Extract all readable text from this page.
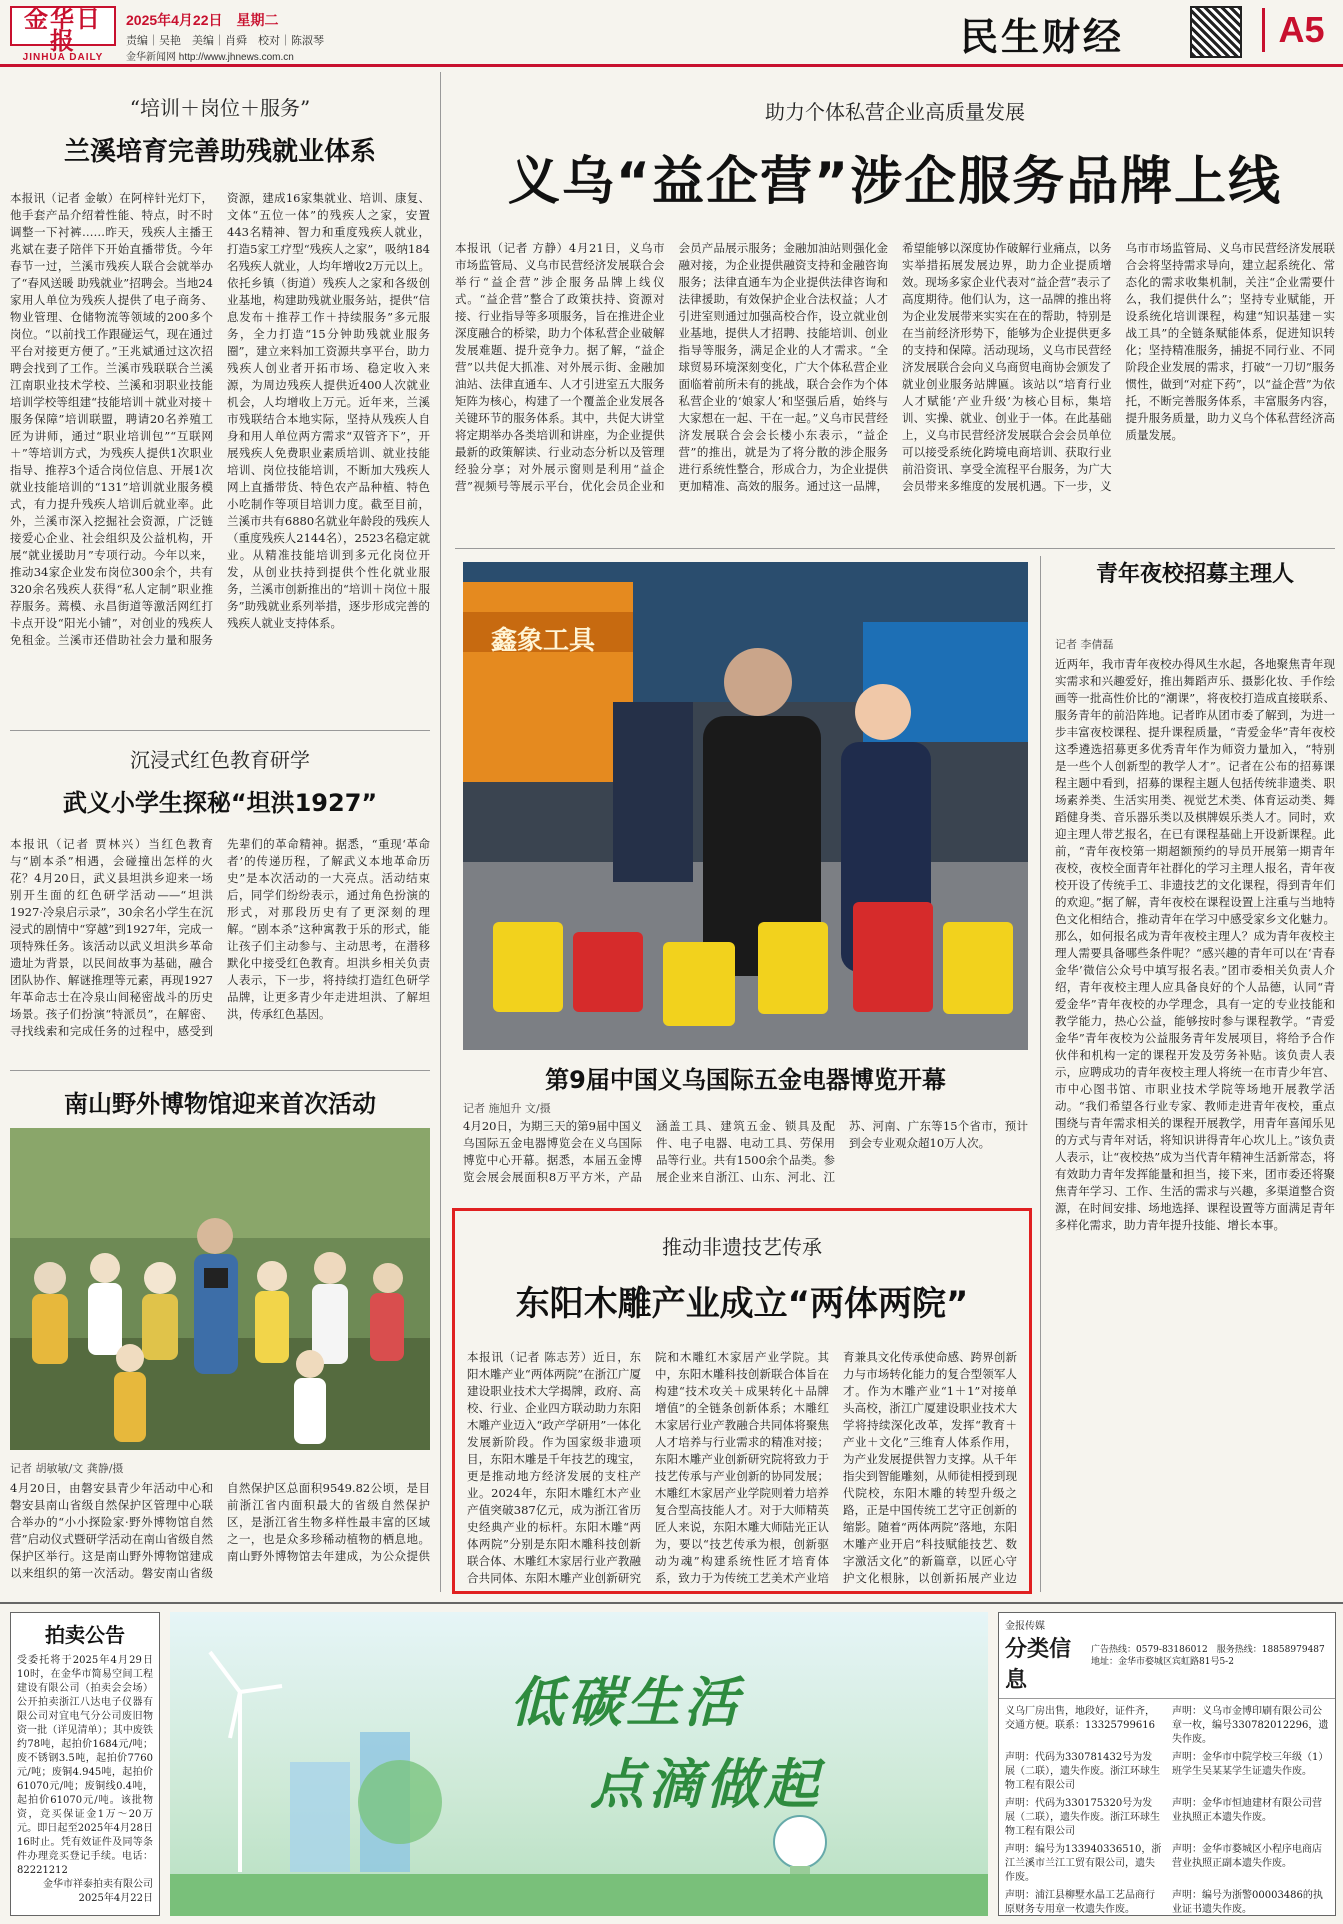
金华日报
JINHUA DAILY
2025年4月22日　星期二
责编｜吴艳　美编｜肖舜　校对｜陈淑琴
金华新闻网 http://www.jhnews.com.cn	民生财经	A5
“培训＋岗位＋服务”
兰溪培育完善助残就业体系
本报讯（记者 金敏）在阿梓针光灯下，他手套产品介绍着性能、特点，时不时调整一下衬裤……昨天，残疾人主播王兆斌在妻子陪伴下开始直播带货。今年春节一过，兰溪市残疾人联合会就举办了“春风送暖 助残就业”招聘会。当地24家用人单位为残疾人提供了电子商务、物业管理、仓储物流等领域的200多个岗位。“以前找工作跟碰运气，现在通过平台对接更方便了。”王兆斌通过这次招聘会找到了工作。兰溪市残联联合兰溪江南职业技术学校、兰溪和羽职业技能培训学校等组建“技能培训＋就业对接＋服务保障”培训联盟，聘请20名养殖工匠为讲师，通过“职业培训包”“互联网＋”等培训方式，为残疾人提供1次职业指导、推荐3个适合岗位信息、开展1次就业技能培训的“131”培训就业服务模式，有力提升残疾人培训后就业率。此外，兰溪市深入挖掘社会资源，广泛链接爱心企业、社会组织及公益机构，开展“就业援助月”专项行动。今年以来，推动34家企业发布岗位300余个，共有320余名残疾人获得“私人定制”职业推荐服务。蔫模、永昌街道等激活网红打卡点开设“阳光小铺”，对创业的残疾人免租金。兰溪市还借助社会力量和服务资源，建成16家集就业、培训、康复、文体“五位一体”的残疾人之家，安置443名精神、智力和重度残疾人就业，打造5家工疗型“残疾人之家”，吸纳184名残疾人就业，人均年增收2万元以上。依托乡镇（街道）残疾人之家和各级创业基地，构建助残就业服务站，提供“信息发布＋推荐工作＋持续服务”多元服务，全力打造“15分钟助残就业服务圈”，建立来料加工资源共享平台，助力残疾人创业者开拓市场、稳定收入来源，为周边残疾人提供近400人次就业机会，人均增收上万元。近年来，兰溪市残联结合本地实际，坚持从残疾人自身和用人单位两方需求“双管齐下”，开展残疾人免费职业素质培训、就业技能培训、岗位技能培训，不断加大残疾人网上直播带货、特色农产品种植、特色小吃制作等项目培训力度。截至目前，兰溪市共有6880名就业年龄段的残疾人（重度残疾人2144名），2523名稳定就业。从精准技能培训到多元化岗位开发，从创业扶持到提供个性化就业服务，兰溪市创新推出的“培训＋岗位＋服务”助残就业系列举措，逐步形成完善的残疾人就业支持体系。
沉浸式红色教育研学
武义小学生探秘“坦洪1927”
本报讯（记者 贾林兴）当红色教育与“剧本杀”相遇，会碰撞出怎样的火花？4月20日，武义县坦洪乡迎来一场别开生面的红色研学活动——“坦洪1927·冷泉启示录”，30余名小学生在沉浸式的剧情中“穿越”到1927年，完成一项特殊任务。该活动以武义坦洪乡革命遗址为背景，以民间故事为基础，融合团队协作、解谜推理等元素，再现1927年革命志士在冷泉山间秘密战斗的历史场景。孩子们扮演“特派员”，在解密、寻找线索和完成任务的过程中，感受到先辈们的革命精神。据悉，“重现‘革命者’的传递历程，了解武义本地革命历史”是本次活动的一大亮点。活动结束后，同学们纷纷表示，通过角色扮演的形式，对那段历史有了更深刻的理解。“剧本杀”这种寓教于乐的形式，能让孩子们主动参与、主动思考，在潜移默化中接受红色教育。坦洪乡相关负责人表示，下一步，将持续打造红色研学品牌，让更多青少年走进坦洪、了解坦洪，传承红色基因。
南山野外博物馆迎来首次活动
记者 胡敏敏/文 龚静/摄
4月20日，由磐安县青少年活动中心和磐安县南山省级自然保护区管理中心联合举办的“小小探险家·野外博物馆自然营”启动仪式暨研学活动在南山省级自然保护区举行。这是南山野外博物馆建成以来组织的第一次活动。磐安南山省级自然保护区总面积9549.82公顷，是目前浙江省内面积最大的省级自然保护区，是浙江省生物多样性最丰富的区域之一，也是众多珍稀动植物的栖息地。南山野外博物馆去年建成，为公众提供
助力个体私营企业高质量发展
义乌“益企营”涉企服务品牌上线
本报讯（记者 方静）4月21日，义乌市市场监管局、义乌市民营经济发展联合会举行“益企营”涉企服务品牌上线仪式。“益企营”整合了政策扶持、资源对接、行业指导等多项服务，旨在推进企业深度融合的桥梁，助力个体私营企业破解发展难题、提升竞争力。据了解，“益企营”以共促大抓准、对外展示街、金融加油站、法律直通车、人才引进室五大服务矩阵为核心，构建了一个覆盖企业发展各关键环节的服务体系。其中，共促大讲堂将定期举办各类培训和讲座，为企业提供最新的政策解读、行业动态分析以及管理经验分享；对外展示窗则是利用“益企营”视频号等展示平台，优化会员企业和会员产品展示服务；金融加油站则强化金融对接，为企业提供融资支持和金融咨询服务；法律直通车为企业提供法律咨询和法律援助，有效保护企业合法权益；人才引进室则通过加强高校合作，设立就业创业基地，提供人才招聘、技能培训、创业指导等服务，满足企业的人才需求。“全球贸易环境深刻变化，广大个体私营企业面临着前所未有的挑战，联合会作为个体私营企业的‘娘家人’和坚强后盾，始终与大家想在一起、干在一起。”义乌市民营经济发展联合会会长楼小东表示，“益企营”的推出，就是为了将分散的涉企服务进行系统性整合，形成合力，为企业提供更加精准、高效的服务。通过这一品牌，希望能够以深度协作破解行业痛点，以务实举措拓展发展边界，助力企业提质增效。现场多家企业代表对“益企营”表示了高度期待。他们认为，这一品牌的推出将为企业发展带来实实在在的帮助，特别是在当前经济形势下，能够为企业提供更多的支持和保障。活动现场，义乌市民营经济发展联合会向义乌商贸电商协会颁发了就业创业服务站牌匾。该站以“培育行业人才赋能‘产业升级’为核心目标，集培训、实操、就业、创业于一体。在此基础上，义乌市民营经济发展联合会会员单位可以接受系统化跨境电商培训、获取行业前沿资讯、享受全流程平台服务，为广大会员带来多维度的发展机遇。下一步，义乌市市场监管局、义乌市民营经济发展联合会将坚持需求导向，建立起系统化、常态化的需求收集机制，关注“企业需要什么，我们提供什么”；坚持专业赋能，开设系统化培训课程，构建“知识基建－实战工具”的全链条赋能体系，促进知识转化；坚持精准服务，捕捉不同行业、不同阶段企业发展的需求，打破“一刀切”服务惯性，做到“对症下药”，以“益企营”为依托，不断完善服务体系，丰富服务内容，提升服务质量，助力义乌个体私营经济高质量发展。
鑫象工具
第9届中国义乌国际五金电器博览开幕
记者 施旭升 文/摄
4月20日，为期三天的第9届中国义乌国际五金电器博览会在义乌国际博览中心开幕。据悉，本届五金博览会展会展面积8万平方米，产品涵盖工具、建筑五金、锁具及配件、电子电器、电动工具、劳保用品等行业。共有1500余个品类。参展企业来自浙江、山东、河北、江苏、河南、广东等15个省市，预计到会专业观众超10万人次。
青年夜校招募主理人
记者 李倩磊
近两年，我市青年夜校办得风生水起，各地聚焦青年现实需求和兴趣爱好，推出舞蹈声乐、摄影化妆、手作绘画等一批高性价比的“潮课”，将夜校打造成直接联系、服务青年的前沿阵地。记者昨从团市委了解到，为进一步丰富夜校课程、提升课程质量，“青爱金华”青年夜校这季遴选招募更多优秀青年作为师资力量加入，“特别是一些个人创新型的教学人才”。记者在公布的招募课程主题中看到，招募的课程主题人包括传统非遗类、职场素养类、生活实用类、视觉艺术类、体育运动类、舞蹈健身类、音乐器乐类以及棋牌娱乐类人才。同时，欢迎主理人带艺报名，在已有课程基础上开设新课程。此前，“青年夜校第一期超额预约的导员开展第一期青年夜校，夜校全面青年社群化的学习主理人报名，青年夜校开设了传统手工、非遗技艺的文化课程，得到青年们的欢迎。”据了解，青年夜校在课程设置上注重与当地特色文化相结合，推动青年在学习中感受家乡文化魅力。那么，如何报名成为青年夜校主理人？成为青年夜校主理人需要具备哪些条件呢？“感兴趣的青年可以在‘青春金华’微信公众号中填写报名表。”团市委相关负责人介绍，青年夜校主理人应具备良好的个人品德，认同“青爱金华”青年夜校的办学理念，具有一定的专业技能和教学能力，热心公益，能够按时参与课程教学。“青爱金华”青年夜校为公益服务青年发展项目，将给予合作伙伴和机构一定的课程开发及劳务补贴。该负责人表示，应聘成功的青年夜校主理人将统一在市青少年宫、市中心图书馆、市职业技术学院等场地开展教学活动。“我们希望各行业专家、教师走进青年夜校，重点围绕与青年需求相关的课程开展教学，用青年喜闻乐见的方式与青年对话，将知识讲得青年心坎儿上。”该负责人表示，让“夜校热”成为当代青年精神生活新常态，将有效助力青年发挥能量和担当，接下来，团市委还将聚焦青年学习、工作、生活的需求与兴趣，多渠道整合资源，在时间安排、场地选择、课程设置等方面满足青年多样化需求，助力青年提升技能、增长本事。
推动非遗技艺传承
东阳木雕产业成立“两体两院”
本报讯（记者 陈志芳）近日，东阳木雕产业“两体两院”在浙江广厦建设职业技术大学揭牌，政府、高校、行业、企业四方联动助力东阳木雕产业迈入“政产学研用”一体化发展新阶段。作为国家级非遗项目，东阳木雕是千年技艺的瑰宝，更是推动地方经济发展的支柱产业。2024年，东阳木雕红木产业产值突破387亿元，成为浙江省历史经典产业的标杆。东阳木雕“两体两院”分别是东阳木雕科技创新联合体、木雕红木家居行业产教融合共同体、东阳木雕产业创新研究院和木雕红木家居产业学院。其中，东阳木雕科技创新联合体旨在构建“技术攻关＋成果转化＋品牌增值”的全链条创新体系；木雕红木家居行业产教融合共同体将聚焦人才培养与行业需求的精准对接；东阳木雕产业创新研究院将致力于技艺传承与产业创新的协同发展；木雕红木家居产业学院则着力培养复合型高技能人才。对于大师精英匠人来说，东阳木雕大师陆光正认为，要以“技艺传承为根，创新驱动为魂”构建系统性匠才培育体系，致力于为传统工艺美术产业培育兼具文化传承使命感、跨界创新力与市场转化能力的复合型领军人才。作为木雕产业“1＋1”对接单头高校，浙江广厦建设职业技术大学将持续深化改革，发挥“教育＋产业＋文化”三维育人体系作用，为产业发展提供智力支撑。从千年指尖到智能雕刻，从师徒相授到现代院校，东阳木雕的转型升级之路，正是中国传统工艺守正创新的缩影。随着“两体两院”落地，东阳木雕产业开启“科技赋能技艺、数字激活文化”的新篇章，以匠心守护文化根脉，以创新拓展产业边
拍卖公告
受委托将于2025年4月29日10时，在金华市简易空间工程建设有限公司（拍卖会会场）公开拍卖浙江八达电子仪器有限公司对宜电气分公司废旧物资一批（详见清单）；其中废铁约78吨，起拍价1684元/吨；废不锈钢3.5吨，起拍价7760元/吨；废铜4.945吨，起拍价61070元/吨；废铜线0.4吨，起拍价61070元/吨。该批物资，竞买保证金1万～20万元。即日起至2025年4月28日16时止。凭有效证件及同等条件办理竞买登记手续。电话：82221212
金华市祥泰拍卖有限公司
2025年4月22日
低碳生活
点滴做起
金报传媒
分类信息
广告热线：0579-83186012　服务热线：18858979487　地址：金华市婺城区宾虹路81号5-2
义乌厂房出售，地段好，证件齐，交通方便。联系：13325799616
声明：义乌市金博印刷有限公司公章一枚，编号330782012296，遗失作废。
声明：代码为330781432号为发展（二联），遗失作废。浙江环球生物工程有限公司
声明：金华市中院学校三年级（1）班学生吴某某学生证遗失作废。
声明：代码为330175320号为发展（二联），遗失作废。浙江环球生物工程有限公司
声明：金华市恒迪建材有限公司营业执照正本遗失作废。
声明：编号为133940336510，浙江兰溪市兰江工贸有限公司，遗失作废。
声明：金华市婺城区小程序电商店营业执照正副本遗失作废。
声明：浦江县柳墅水晶工艺品商行原财务专用章一枚遗失作废。
声明：编号为浙警00003486的执业证书遗失作废。
